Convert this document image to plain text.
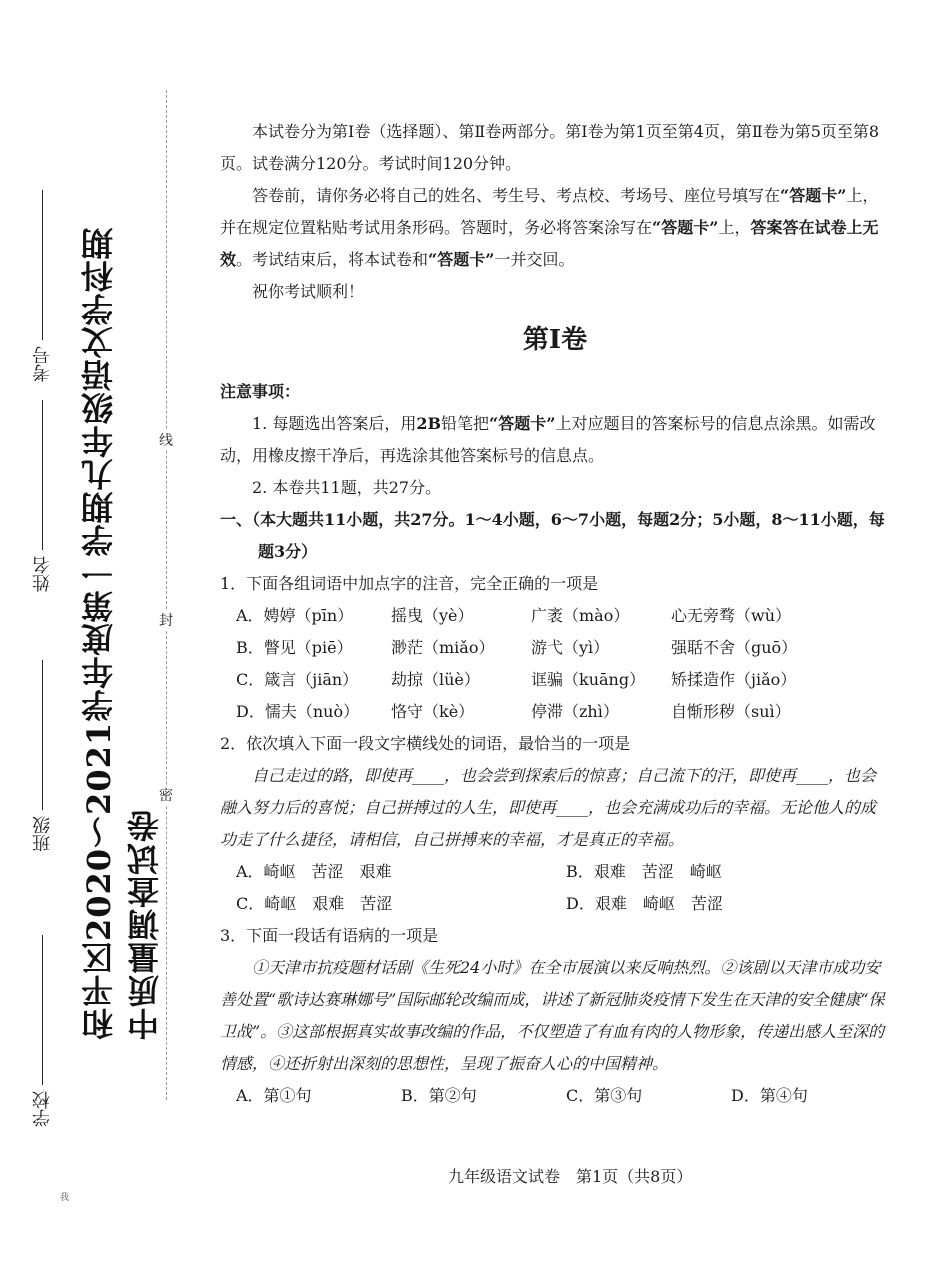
和平区2020～2021学年度第一学期九年级语文学科期中质量调查试卷
学校
班级
姓名
考号
线
封
密

本试卷分为第Ⅰ卷（选择题）、第Ⅱ卷两部分。第Ⅰ卷为第1页至第4页，第Ⅱ卷为第5页至第8页。试卷满分120分。考试时间120分钟。

答卷前，请你务必将自己的姓名、考生号、考点校、考场号、座位号填写在“答题卡”上，并在规定位置粘贴考试用条形码。答题时，务必将答案涂写在“答题卡”上，答案答在试卷上无效。考试结束后，将本试卷和“答题卡”一并交回。

祝你考试顺利！

第Ⅰ卷

注意事项：

1. 每题选出答案后，用2B铅笔把“答题卡”上对应题目的答案标号的信息点涂黑。如需改动，用橡皮擦干净后，再选涂其他答案标号的信息点。

2. 本卷共11题，共27分。

一、（本大题共11小题，共27分。1～4小题，6～7小题，每题2分；5小题，8～11小题，每题3分）

1．下面各组词语中加点字的注音，完全正确的一项是

A．娉婷（pīn）	摇曳（yè）	广袤（mào）	心无旁骛（wù）
B．瞥见（piē）	渺茫（miǎo）	游弋（yì）	强聒不舍（guō）
C．箴言（jiān）	劫掠（lüè）	诓骗（kuāng）	矫揉造作（jiǎo）
D．懦夫（nuò）	恪守（kè）	停滞（zhì）	自惭形秽（suì）

2．依次填入下面一段文字横线处的词语，最恰当的一项是

自己走过的路，即使再____，也会尝到探索后的惊喜；自己流下的汗，即使再____，也会融入努力后的喜悦；自己拼搏过的人生，即使再____，也会充满成功后的幸福。无论他人的成功走了什么捷径，请相信，自己拼搏来的幸福，才是真正的幸福。

A．崎岖　苦涩　艰难	B．艰难　苦涩　崎岖
C．崎岖　艰难　苦涩	D．艰难　崎岖　苦涩

3．下面一段话有语病的一项是

①天津市抗疫题材话剧《生死24小时》在全市展演以来反响热烈。②该剧以天津市成功安善处置“歌诗达赛琳娜号”国际邮轮改编而成，讲述了新冠肺炎疫情下发生在天津的安全健康“保卫战”。③这部根据真实故事改编的作品，不仅塑造了有血有肉的人物形象，传递出感人至深的情感，④还折射出深刻的思想性，呈现了振奋人心的中国精神。

A．第①句	B．第②句	C．第③句	D．第④句
九年级语文试卷　第1页（共8页）
我
